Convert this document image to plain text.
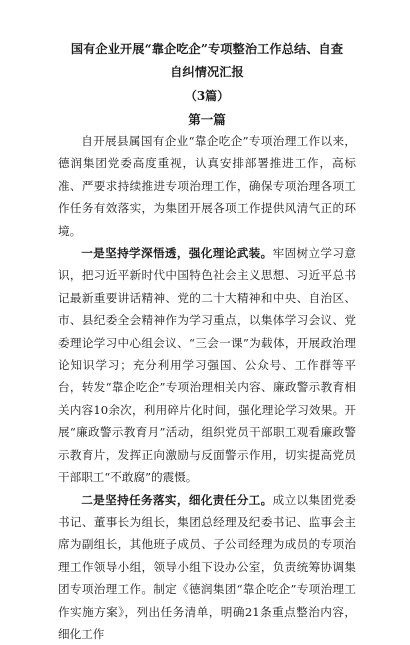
国有企业开展“靠企吃企”专项整治工作总结、自查
自纠情况汇报
（3篇）
第一篇

自开展县属国有企业“靠企吃企”专项治理工作以来，德润集团党委高度重视，认真安排部署推进工作，高标准、严要求持续推进专项治理工作，确保专项治理各项工作任务有效落实，为集团开展各项工作提供风清气正的环境。

一是坚持学深悟透，强化理论武装。牢固树立学习意识，把习近平新时代中国特色社会主义思想、习近平总书记最新重要讲话精神、党的二十大精神和中央、自治区、市、县纪委全会精神作为学习重点，以集体学习会议、党委理论学习中心组会议、“三会一课”为载体，开展政治理论知识学习；充分利用学习强国、公众号、工作群等平台，转发“靠企吃企”专项治理相关内容、廉政警示教育相关内容10余次，利用碎片化时间，强化理论学习效果。开展“廉政警示教育月”活动，组织党员干部职工观看廉政警示教育片，发挥正向激励与反面警示作用，切实提高党员干部职工“不敢腐”的震慑。

二是坚持任务落实，细化责任分工。成立以集团党委书记、董事长为组长，集团总经理及纪委书记、监事会主席为副组长，其他班子成员、子公司经理为成员的专项治理工作领导小组，领导小组下设办公室，负责统筹协调集团专项治理工作。制定《德润集团“靠企吃企”专项治理工作实施方案》，列出任务清单，明确21条重点整治内容，细化工作
